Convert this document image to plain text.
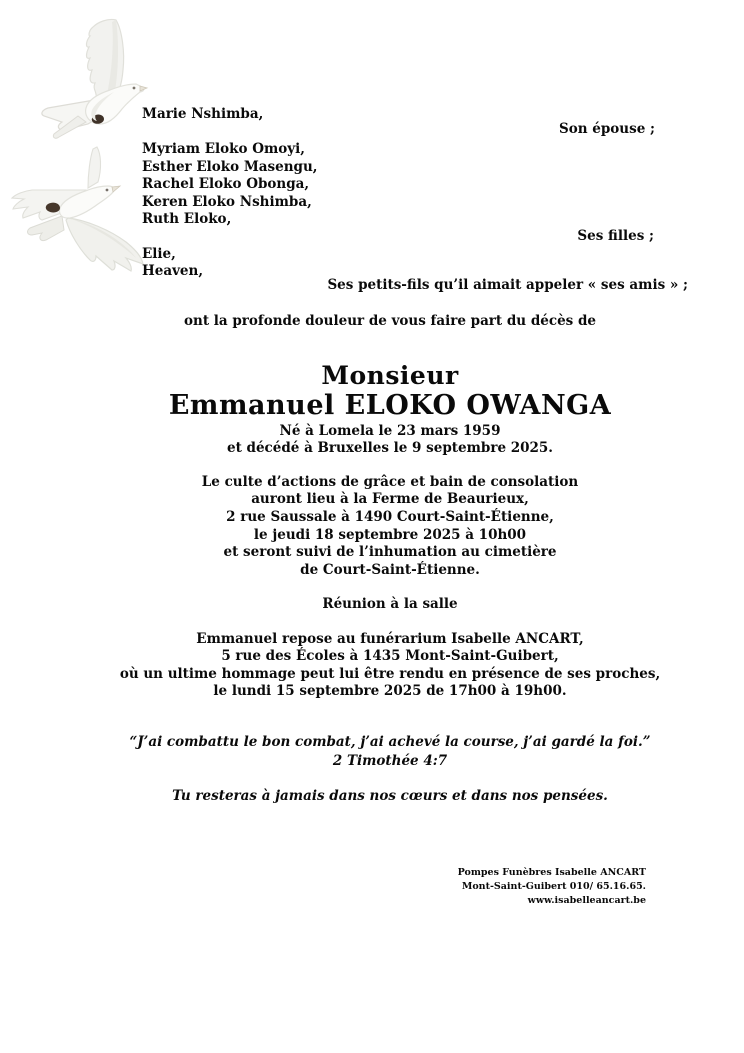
Marie Nshimba,
Son épouse ;
Myriam Eloko Omoyi,
Esther Eloko Masengu,
Rachel Eloko Obonga,
Keren Eloko Nshimba,
Ruth Eloko,
Ses filles ;
Elie,
Heaven,
Ses petits-fils qu’il aimait appeler « ses amis » ;
ont la profonde douleur de vous faire part du décès de
Monsieur
Emmanuel ELOKO OWANGA
Né à Lomela le 23 mars 1959
et décédé à Bruxelles le 9 septembre 2025.
Le culte d’actions de grâce et bain de consolation
auront lieu à la Ferme de Beaurieux,
2 rue Saussale à 1490 Court-Saint-Étienne,
le jeudi 18 septembre 2025 à 10h00
et seront suivi de l’inhumation au cimetière
de Court-Saint-Étienne.
Réunion à la salle
Emmanuel repose au funérarium Isabelle ANCART,
5 rue des Écoles à 1435 Mont-Saint-Guibert,
où un ultime hommage peut lui être rendu en présence de ses proches,
le lundi 15 septembre 2025 de 17h00 à 19h00.
“J’ai combattu le bon combat, j’ai achevé la course, j’ai gardé la foi.”
2 Timothée 4:7
Tu resteras à jamais dans nos cœurs et dans nos pensées.
Pompes Funèbres Isabelle ANCART
Mont-Saint-Guibert 010/ 65.16.65.
www.isabelleancart.be
